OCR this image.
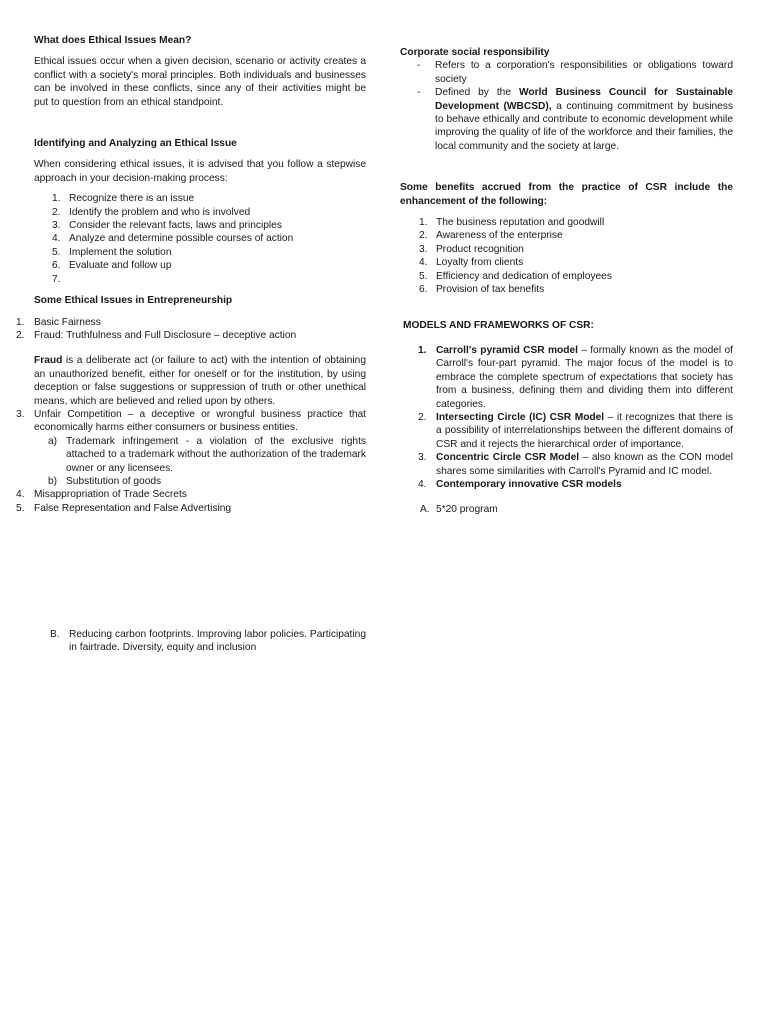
What does Ethical Issues Mean?

Ethical issues occur when a given decision, scenario or activity creates a conflict with a society's moral principles. Both individuals and businesses can be involved in these conflicts, since any of their activities might be put to question from an ethical standpoint.

Identifying and Analyzing an Ethical Issue

When considering ethical issues, it is advised that you follow a stepwise approach in your decision-making process:

1. Recognize there is an issue
2. Identify the problem and who is involved
3. Consider the relevant facts, laws and principles
4. Analyze and determine possible courses of action
5. Implement the solution
6. Evaluate and follow up
7.
Some Ethical Issues in Entrepreneurship
1. Basic Fairness
2. Fraud: Truthfulness and Full Disclosure – deceptive action

Fraud is a deliberate act (or failure to act) with the intention of obtaining an unauthorized benefit, either for oneself or for the institution, by using deception or false suggestions or suppression of truth or other unethical means, which are believed and relied upon by others.

3. Unfair Competition – a deceptive or wrongful business practice that economically harms either consumers or business entities.
a) Trademark infringement - a violation of the exclusive rights attached to a trademark without the authorization of the trademark owner or any licensees.
b) Substitution of goods
4. Misappropriation of Trade Secrets
5. False Representation and False Advertising
B. Reducing carbon footprints. Improving labor policies. Participating in fairtrade. Diversity, equity and inclusion
Corporate social responsibility
-	Refers to a corporation's responsibilities or obligations toward society
-	Defined by the World Business Council for Sustainable Development (WBCSD), a continuing commitment by business to behave ethically and contribute to economic development while improving the quality of life of the workforce and their families, the local community and the society at large.
Some benefits accrued from the practice of CSR include the enhancement of the following:
1. The business reputation and goodwill
2. Awareness of the enterprise
3. Product recognition
4. Loyalty from clients
5. Efficiency and dedication of employees
6. Provision of tax benefits
MODELS AND FRAMEWORKS OF CSR:
1. Carroll's pyramid CSR model – formally known as the model of Carroll's four-part pyramid. The major focus of the model is to embrace the complete spectrum of expectations that society has from a business, defining them and dividing them into different categories.
2. Intersecting Circle (IC) CSR Model – it recognizes that there is a possibility of interrelationships between the different domains of CSR and it rejects the hierarchical order of importance.
3. Concentric Circle CSR Model – also known as the CON model shares some similarities with Carroll's Pyramid and IC model.
4. Contemporary innovative CSR models
A. 5*20 program
